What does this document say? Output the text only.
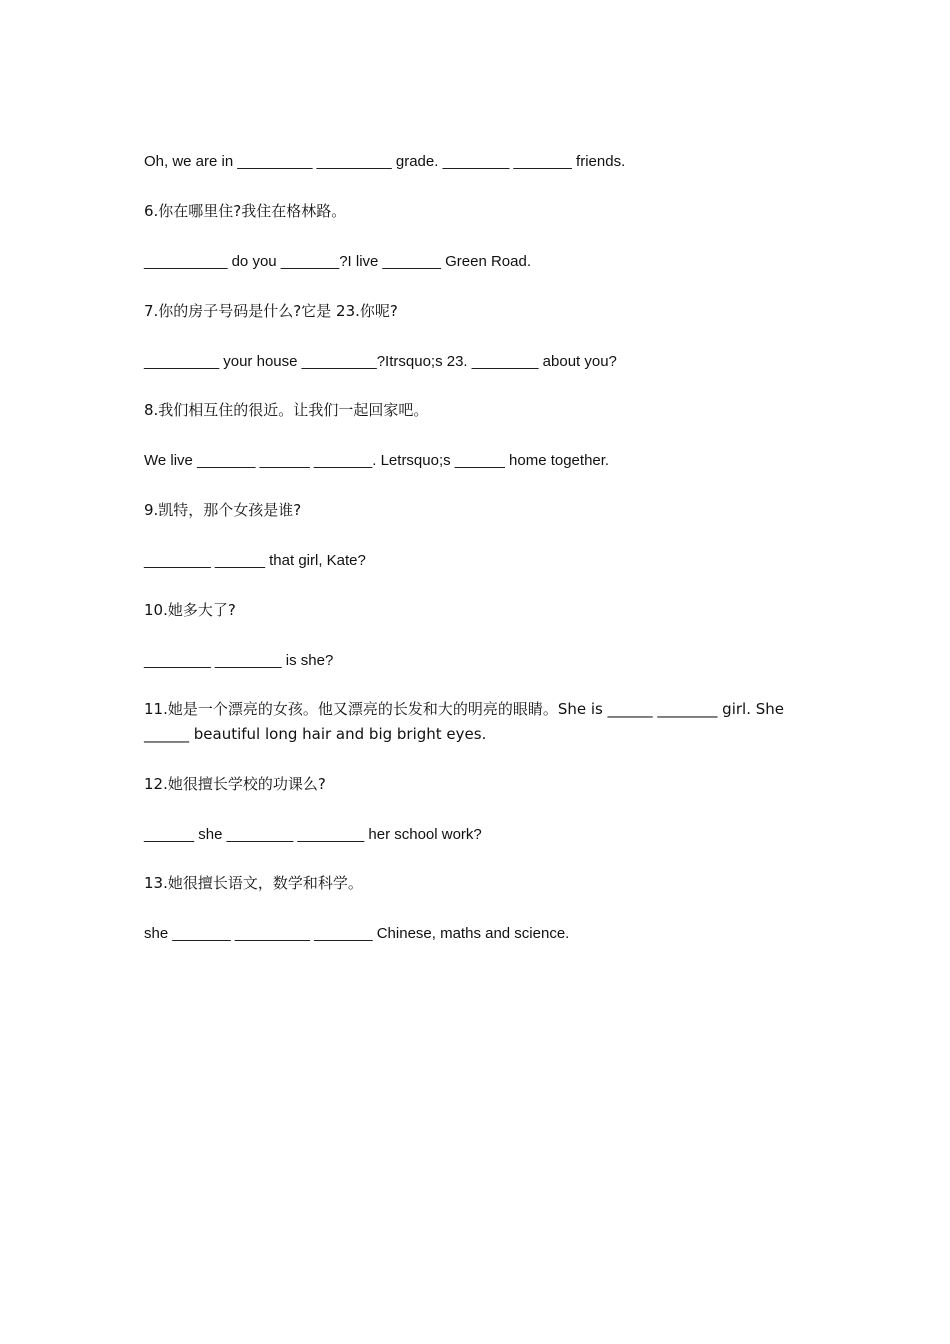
Oh, we are in _________ _________ grade. ________ _______ friends.
6.你在哪里住?我住在格林路。
__________ do you _______?I live _______ Green Road.
7.你的房子号码是什么?它是 23.你呢?
_________ your house _________?Itrsquo;s 23. ________ about you?
8.我们相互住的很近。让我们一起回家吧。
We live _______ ______ _______. Letrsquo;s ______ home together.
9.凯特，那个女孩是谁?
________ ______ that girl, Kate?
10.她多大了?
________ ________ is she?
11.她是一个漂亮的女孩。他又漂亮的长发和大的明亮的眼睛。She is ______ ________ girl. She ______ beautiful long hair and big bright eyes.
12.她很擅长学校的功课么?
______ she ________ ________ her school work?
13.她很擅长语文，数学和科学。
she _______ _________ _______ Chinese, maths and science.
